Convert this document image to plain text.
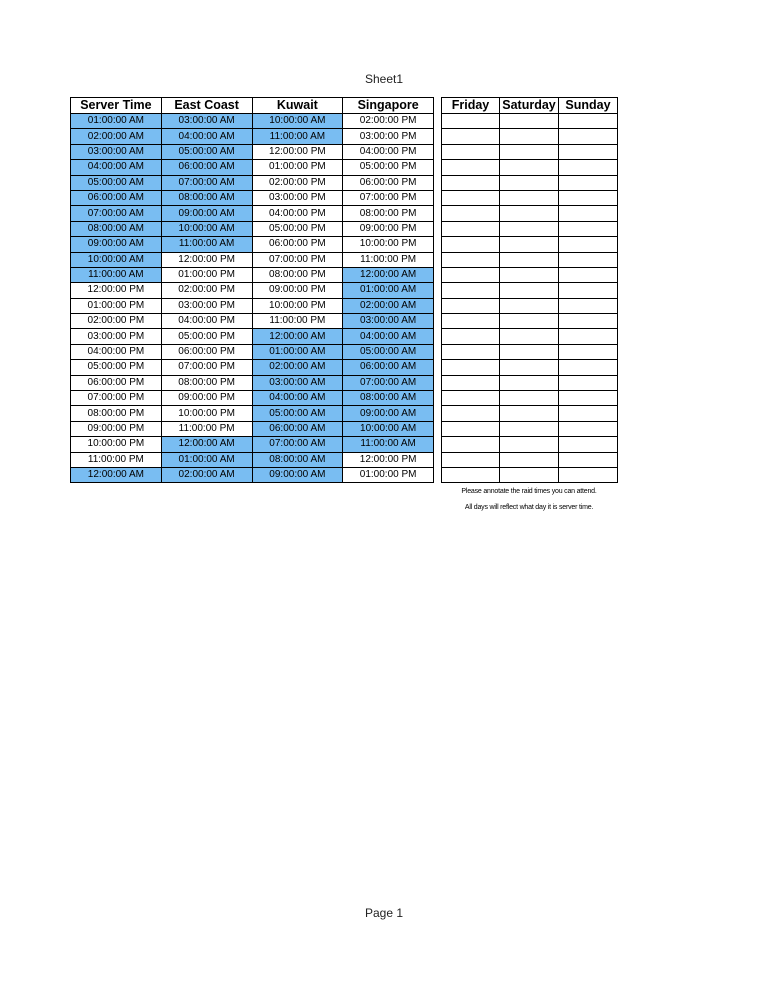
Sheet1
Server Time	East Coast	Kuwait	Singapore
01:00:00 AM	03:00:00 AM	10:00:00 AM	02:00:00 PM
02:00:00 AM	04:00:00 AM	11:00:00 AM	03:00:00 PM
03:00:00 AM	05:00:00 AM	12:00:00 PM	04:00:00 PM
04:00:00 AM	06:00:00 AM	01:00:00 PM	05:00:00 PM
05:00:00 AM	07:00:00 AM	02:00:00 PM	06:00:00 PM
06:00:00 AM	08:00:00 AM	03:00:00 PM	07:00:00 PM
07:00:00 AM	09:00:00 AM	04:00:00 PM	08:00:00 PM
08:00:00 AM	10:00:00 AM	05:00:00 PM	09:00:00 PM
09:00:00 AM	11:00:00 AM	06:00:00 PM	10:00:00 PM
10:00:00 AM	12:00:00 PM	07:00:00 PM	11:00:00 PM
11:00:00 AM	01:00:00 PM	08:00:00 PM	12:00:00 AM
12:00:00 PM	02:00:00 PM	09:00:00 PM	01:00:00 AM
01:00:00 PM	03:00:00 PM	10:00:00 PM	02:00:00 AM
02:00:00 PM	04:00:00 PM	11:00:00 PM	03:00:00 AM
03:00:00 PM	05:00:00 PM	12:00:00 AM	04:00:00 AM
04:00:00 PM	06:00:00 PM	01:00:00 AM	05:00:00 AM
05:00:00 PM	07:00:00 PM	02:00:00 AM	06:00:00 AM
06:00:00 PM	08:00:00 PM	03:00:00 AM	07:00:00 AM
07:00:00 PM	09:00:00 PM	04:00:00 AM	08:00:00 AM
08:00:00 PM	10:00:00 PM	05:00:00 AM	09:00:00 AM
09:00:00 PM	11:00:00 PM	06:00:00 AM	10:00:00 AM
10:00:00 PM	12:00:00 AM	07:00:00 AM	11:00:00 AM
11:00:00 PM	01:00:00 AM	08:00:00 AM	12:00:00 PM
12:00:00 AM	02:00:00 AM	09:00:00 AM	01:00:00 PM
Friday	Saturday	Sunday

Please annotate the raid times you can attend.
All days will reflect what day it is server time.
Page 1
